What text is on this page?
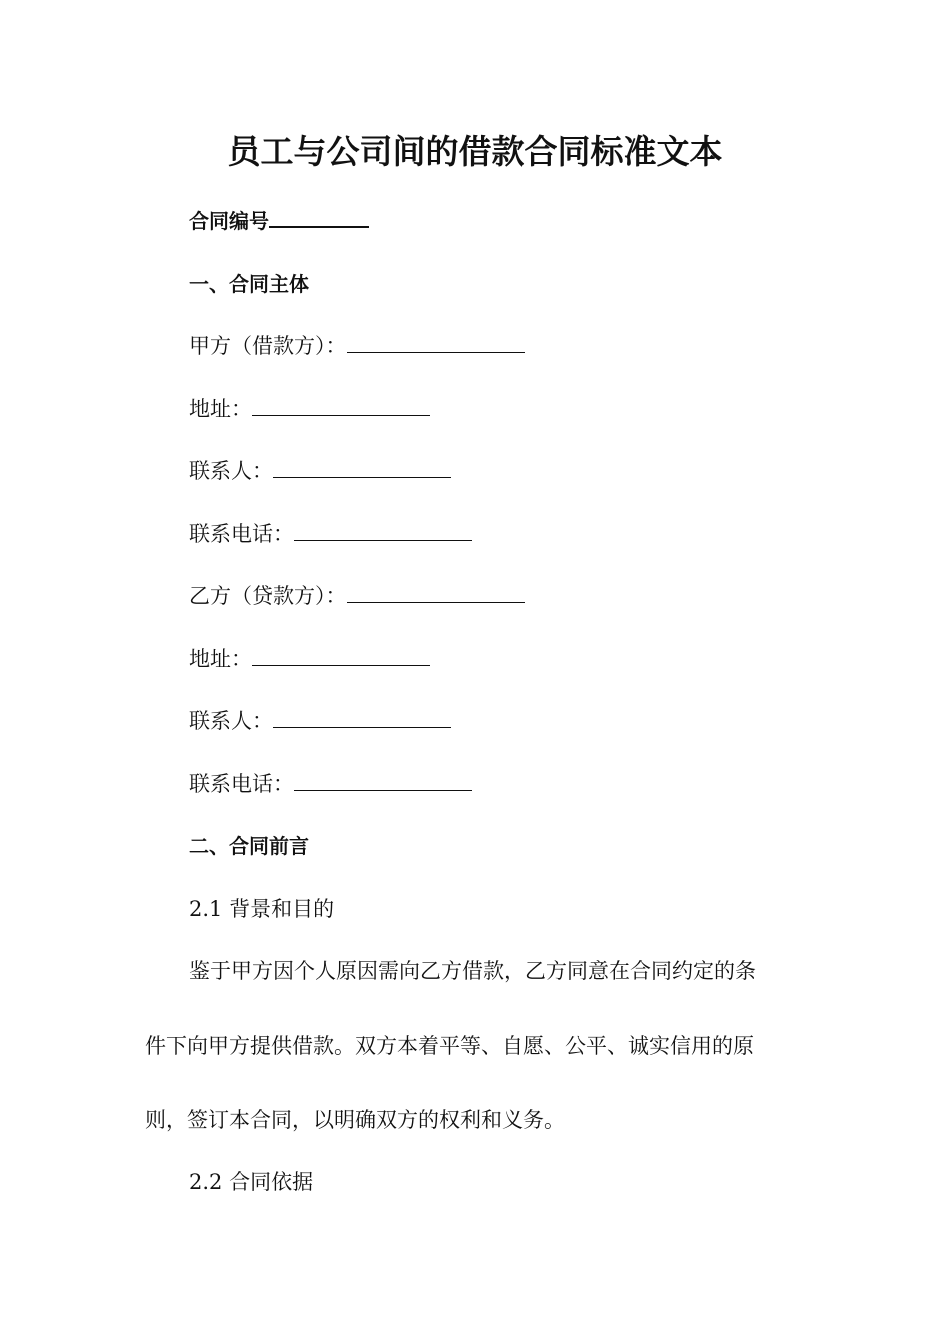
员工与公司间的借款合同标准文本
合同编号
一、合同主体
甲方（借款方）：
地址：
联系人：
联系电话：
乙方（贷款方）：
地址：
联系人：
联系电话：
二、合同前言
2.1 背景和目的
鉴于甲方因个人原因需向乙方借款，乙方同意在合同约定的条
件下向甲方提供借款。双方本着平等、自愿、公平、诚实信用的原
则，签订本合同，以明确双方的权利和义务。
2.2 合同依据
